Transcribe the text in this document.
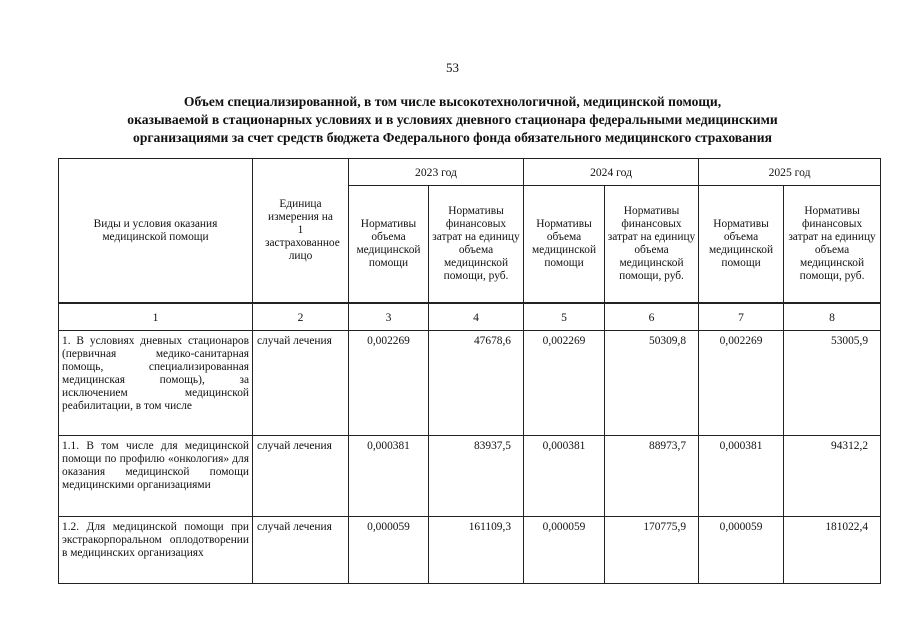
53
Объем специализированной, в том числе высокотехнологичной, медицинской помощи,
оказываемой в стационарных условиях и в условиях дневного стационара федеральными медицинскими
организациями за счет средств бюджета Федерального фонда обязательного медицинского страхования
Виды и условия оказания медицинской помощи	Единица измерения на 1 застрахованное лицо	2023 год		2024 год		2025 год	

		Нормативы объема медицинской помощи	Нормативы финансовых затрат на единицу объема медицинской помощи, руб.	Нормативы объема медицинской помощи	Нормативы финансовых затрат на единицу объема медицинской помощи, руб.	Нормативы объема медицинской помощи	Нормативы финансовых затрат на единицу объема медицинской помощи, руб.

1	2	3	4	5	6	7	8
1. В условиях дневных стационаров (первичная медико-санитарная помощь, специализированная медицинская помощь), за исключением медицинской реабилитации, в том числе	случай лечения	0,002269	47678,6	0,002269	50309,8	0,002269	53005,9
1.1. В том числе для медицинской помощи по профилю «онкология» для оказания медицинской помощи медицинскими организациями	случай лечения	0,000381	83937,5	0,000381	88973,7	0,000381	94312,2
1.2. Для медицинской помощи при экстракорпоральном оплодотворении в медицинских организациях	случай лечения	0,000059	161109,3	0,000059	170775,9	0,000059	181022,4
